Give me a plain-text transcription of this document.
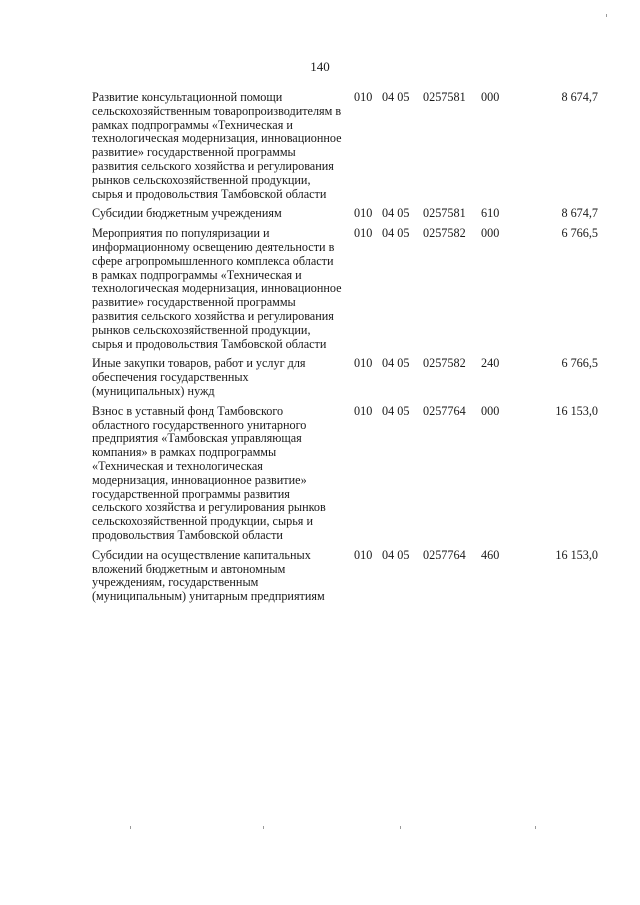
140
Развитие консультационной помощи сельскохозяйственным товаропроизводителям в рамках подпрограммы «Техническая и технологическая модернизация, инновационное развитие» государственной программы развития сельского хозяйства и регулирования рынков сельскохозяйственной продукции, сырья и продовольствия Тамбовской области	010	04 05	0257581	000	8 674,7

Субсидии бюджетным учреждениям	010	04 05	0257581	610	8 674,7

Мероприятия по популяризации и информационному освещению деятельности в сфере агропромышленного комплекса области в рамках подпрограммы «Техническая и технологическая модернизация, инновационное развитие» государственной программы развития сельского хозяйства и регулирования рынков сельскохозяйственной продукции, сырья и продовольствия Тамбовской области	010	04 05	0257582	000	6 766,5

Иные закупки товаров, работ и услуг для обеспечения государственных (муниципальных) нужд	010	04 05	0257582	240	6 766,5

Взнос в уставный фонд Тамбовского областного государственного унитарного предприятия «Тамбовская управляющая компания» в рамках подпрограммы «Техническая и технологическая модернизация, инновационное развитие» государственной программы развития сельского хозяйства и регулирования рынков сельскохозяйственной продукции, сырья и продовольствия Тамбовской области	010	04 05	0257764	000	16 153,0

Субсидии на осуществление капитальных вложений бюджетным и автономным учреждениям, государственным (муниципальным) унитарным предприятиям	010	04 05	0257764	460	16 153,0
